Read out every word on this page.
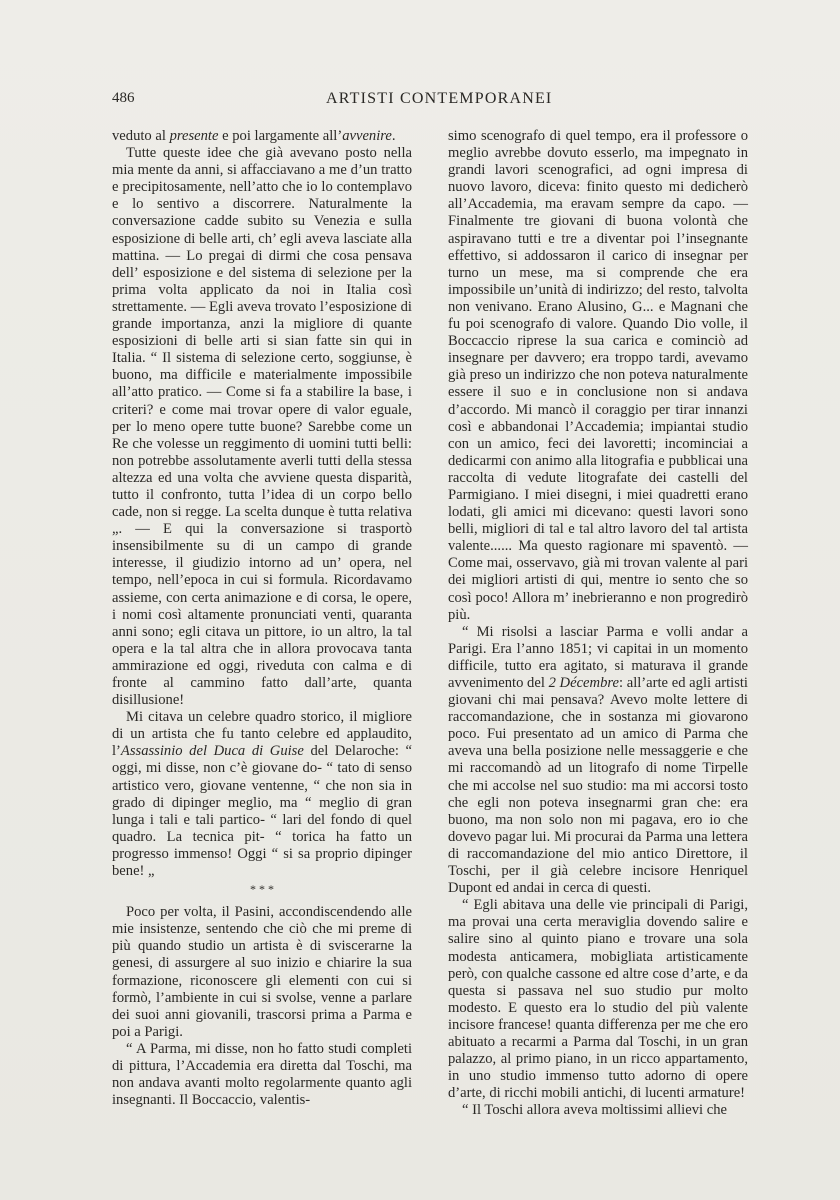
486	ARTISTI CONTEMPORANEI

veduto al presente e poi largamente all’avvenire.

Tutte queste idee che già avevano posto nella mia mente da anni, si affacciavano a me d’un tratto e precipitosamente, nell’atto che io lo contemplavo e lo sentivo a discorrere. Naturalmente la conversazione cadde subito su Venezia e sulla esposizione di belle arti, ch’ egli aveva lasciate alla mattina. — Lo pregai di dirmi che cosa pensava dell’ esposizione e del sistema di selezione per la prima volta applicato da noi in Italia così strettamente. — Egli aveva trovato l’esposizione di grande importanza, anzi la migliore di quante esposizioni di belle arti si sian fatte sin qui in Italia. “ Il sistema di selezione certo, soggiunse, è buono, ma difficile e materialmente impossibile all’atto pratico. — Come si fa a stabilire la base, i criteri? e come mai trovar opere di valor eguale, per lo meno opere tutte buone? Sarebbe come un Re che volesse un reggimento di uomini tutti belli: non potrebbe assolutamente averli tutti della stessa altezza ed una volta che avviene questa disparità, tutto il confronto, tutta l’idea di un corpo bello cade, non si regge. La scelta dunque è tutta relativa „. — E qui la conversazione si trasportò insensibilmente su di un campo di grande interesse, il giudizio intorno ad un’ opera, nel tempo, nell’epoca in cui si formula. Ricordavamo assieme, con certa animazione e di corsa, le opere, i nomi così altamente pronunciati venti, quaranta anni sono; egli citava un pittore, io un altro, la tal opera e la tal altra che in allora provocava tanta ammirazione ed oggi, riveduta con calma e di fronte al cammino fatto dall’arte, quanta disillusione!

Mi citava un celebre quadro storico, il migliore di un artista che fu tanto celebre ed applaudito, l’Assassinio del Duca di Guise del Delaroche: “ oggi, mi disse, non c’è giovane do- “ tato di senso artistico vero, giovane ventenne, “ che non sia in grado di dipinger meglio, ma “ meglio di gran lunga i tali e tali partico- “ lari del fondo di quel quadro. La tecnica pit- “ torica ha fatto un progresso immenso! Oggi “ si sa proprio dipinger bene! „

* * *

Poco per volta, il Pasini, accondiscendendo alle mie insistenze, sentendo che ciò che mi preme di più quando studio un artista è di sviscerarne la genesi, di assurgere al suo inizio e chiarire la sua formazione, riconoscere gli elementi con cui si formò, l’ambiente in cui si svolse, venne a parlare dei suoi anni giovanili, trascorsi prima a Parma e poi a Parigi.

“ A Parma, mi disse, non ho fatto studi completi di pittura, l’Accademia era diretta dal Toschi, ma non andava avanti molto regolarmente quanto agli insegnanti. Il Boccaccio, valentis-

simo scenografo di quel tempo, era il professore o meglio avrebbe dovuto esserlo, ma impegnato in grandi lavori scenografici, ad ogni impresa di nuovo lavoro, diceva: finito questo mi dedicherò all’Accademia, ma eravam sempre da capo. — Finalmente tre giovani di buona volontà che aspiravano tutti e tre a diventar poi l’insegnante effettivo, si addossaron il carico di insegnar per turno un mese, ma si comprende che era impossibile un’unità di indirizzo; del resto, talvolta non venivano. Erano Alusino, G... e Magnani che fu poi scenografo di valore. Quando Dio volle, il Boccaccio riprese la sua carica e cominciò ad insegnare per davvero; era troppo tardi, avevamo già preso un indirizzo che non poteva naturalmente essere il suo e in conclusione non si andava d’accordo. Mi mancò il coraggio per tirar innanzi così e abbandonai l’Accademia; impiantai studio con un amico, feci dei lavoretti; incominciai a dedicarmi con animo alla litografia e pubblicai una raccolta di vedute litografate dei castelli del Parmigiano. I miei disegni, i miei quadretti erano lodati, gli amici mi dicevano: questi lavori sono belli, migliori di tal e tal altro lavoro del tal artista valente...... Ma questo ragionare mi spaventò. — Come mai, osservavo, già mi trovan valente al pari dei migliori artisti di qui, mentre io sento che so così poco! Allora m’ inebrieranno e non progredirò più.

“ Mi risolsi a lasciar Parma e volli andar a Parigi. Era l’anno 1851; vi capitai in un momento difficile, tutto era agitato, si maturava il grande avvenimento del 2 Décembre: all’arte ed agli artisti giovani chi mai pensava? Avevo molte lettere di raccomandazione, che in sostanza mi giovarono poco. Fui presentato ad un amico di Parma che aveva una bella posizione nelle messaggerie e che mi raccomandò ad un litografo di nome Tirpelle che mi accolse nel suo studio: ma mi accorsi tosto che egli non poteva insegnarmi gran che: era buono, ma non solo non mi pagava, ero io che dovevo pagar lui. Mi procurai da Parma una lettera di raccomandazione del mio antico Direttore, il Toschi, per il già celebre incisore Henriquel Dupont ed andai in cerca di questi.

“ Egli abitava una delle vie principali di Parigi, ma provai una certa meraviglia dovendo salire e salire sino al quinto piano e trovare una sola modesta anticamera, mobigliata artisticamente però, con qualche cassone ed altre cose d’arte, e da questa si passava nel suo studio pur molto modesto. E questo era lo studio del più valente incisore francese! quanta differenza per me che ero abituato a recarmi a Parma dal Toschi, in un gran palazzo, al primo piano, in un ricco appartamento, in uno studio immenso tutto adorno di opere d’arte, di ricchi mobili antichi, di lucenti armature!

“ Il Toschi allora aveva moltissimi allievi che
